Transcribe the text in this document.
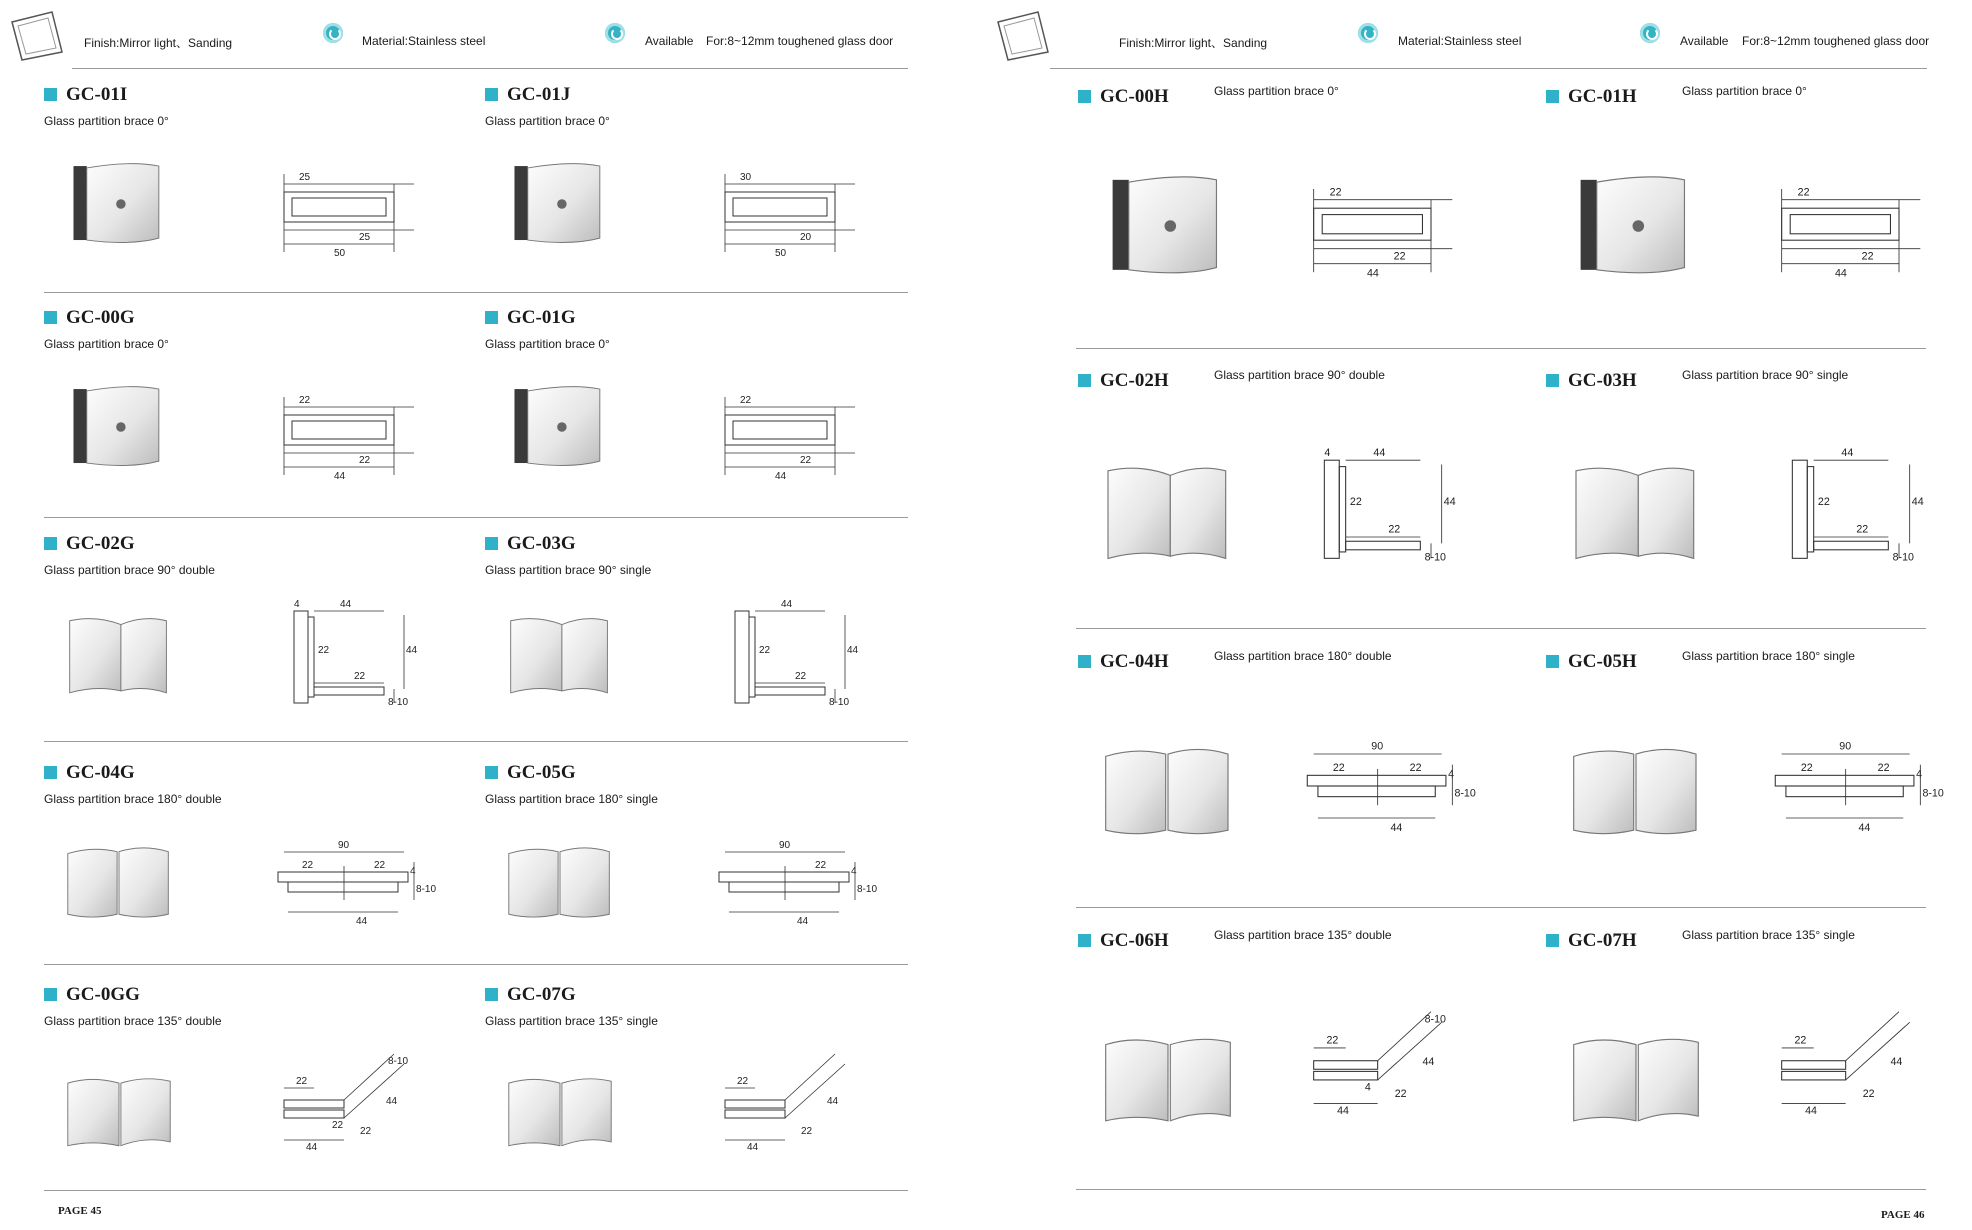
Finish:Mirror light、Sanding	Material:Stainless steel	Available For:8~12mm toughened glass door
GC-01I
Glass partition brace 0°
25
25
50
GC-01J
Glass partition brace 0°
30
20
50
GC-00G
Glass partition brace 0°
22
22
44
GC-01G
Glass partition brace 0°
22
22
44
GC-02G
Glass partition brace 90° double
4	44
22	44
22
8-10
GC-03G
Glass partition brace 90° single
44
22	44
22
8-10
GC-04G
Glass partition brace 180° double
90
22	22
4
8-10
44
GC-05G
Glass partition brace 180° single
90
22
4
8-10
44
GC-0GG
Glass partition brace 135° double
22
44
22
44
8-10
22
GC-07G
Glass partition brace 135° single
22
44
22
44
PAGE 45
Finish:Mirror light、Sanding	Material:Stainless steel	Available For:8~12mm toughened glass door
GC-00H	Glass partition brace 0°
22
22
44
GC-01H	Glass partition brace 0°
22
22
44
GC-02H	Glass partition brace 90° double
4	44
22	44
22
8-10
GC-03H	Glass partition brace 90° single
44
22	44
22
8-10
GC-04H	Glass partition brace 180° double
90
22	22
4
8-10
44
GC-05H	Glass partition brace 180° single
90
22	22
4
8-10
44
GC-06H	Glass partition brace 135° double
22
44
22
44
8-10
4
GC-07H	Glass partition brace 135° single
22
44
22
44
PAGE 46
